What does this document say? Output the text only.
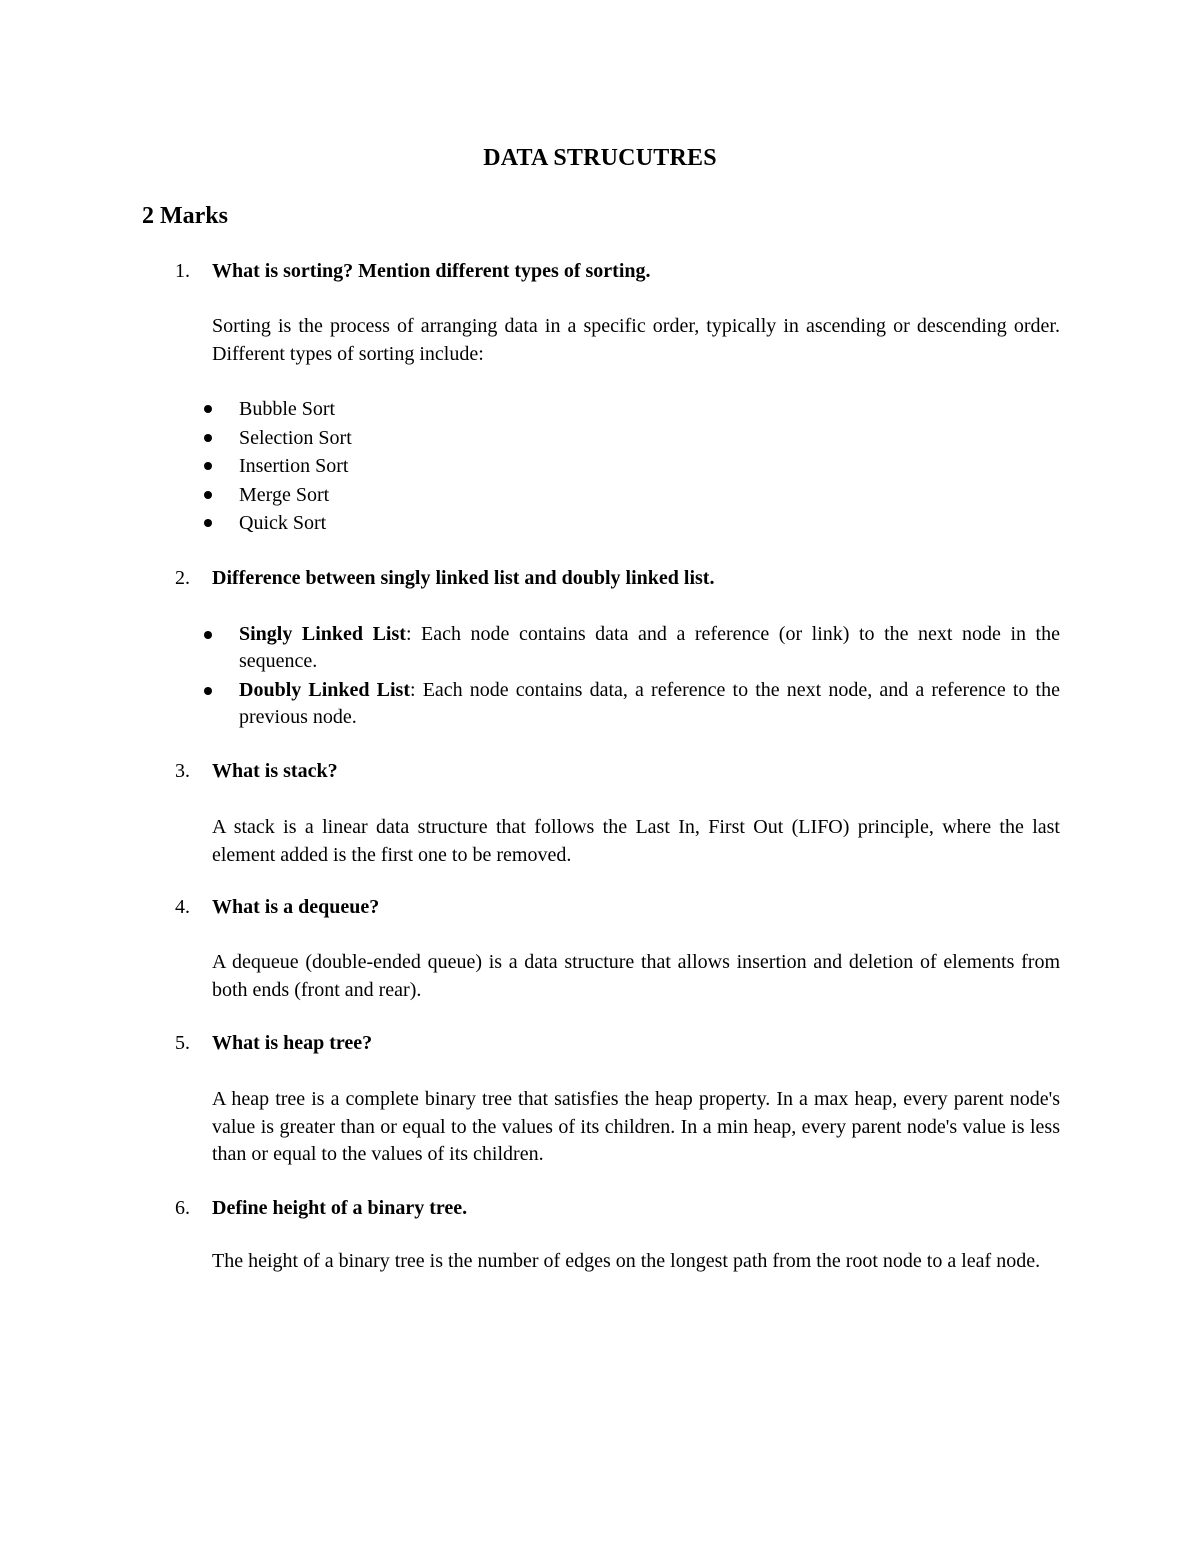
DATA STRUCUTRES
2 Marks
1. What is sorting? Mention different types of sorting.
Sorting is the process of arranging data in a specific order, typically in ascending or descending order. Different types of sorting include:
Bubble Sort
Selection Sort
Insertion Sort
Merge Sort
Quick Sort
2. Difference between singly linked list and doubly linked list.
Singly Linked List: Each node contains data and a reference (or link) to the next node in the sequence.
Doubly Linked List: Each node contains data, a reference to the next node, and a reference to the previous node.
3. What is stack?
A stack is a linear data structure that follows the Last In, First Out (LIFO) principle, where the last element added is the first one to be removed.
4. What is a dequeue?
A dequeue (double-ended queue) is a data structure that allows insertion and deletion of elements from both ends (front and rear).
5. What is heap tree?
A heap tree is a complete binary tree that satisfies the heap property. In a max heap, every parent node's value is greater than or equal to the values of its children. In a min heap, every parent node's value is less than or equal to the values of its children.
6. Define height of a binary tree.
The height of a binary tree is the number of edges on the longest path from the root node to a leaf node.
